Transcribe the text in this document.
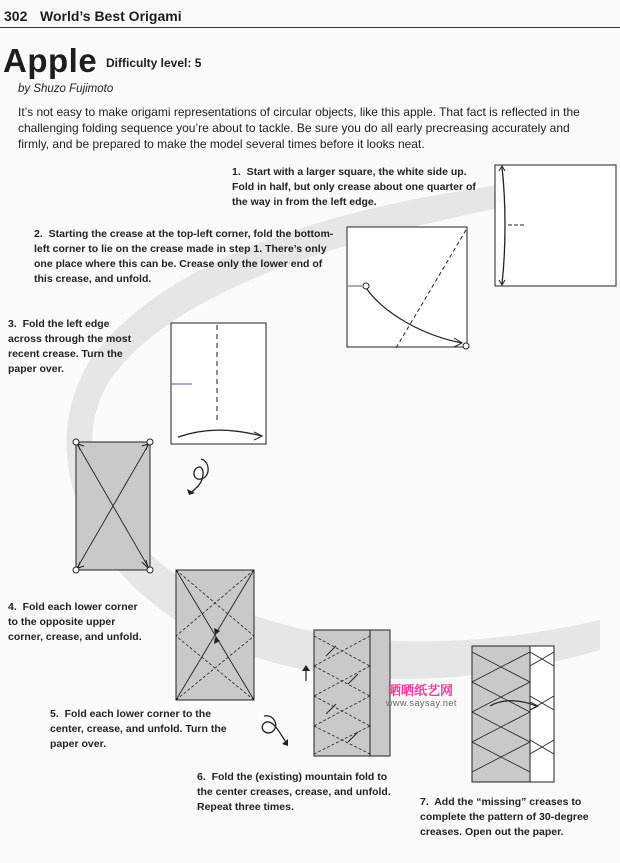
302 World’s Best Origami
Apple Difficulty level: 5
by Shuzo Fujimoto
It’s not easy to make origami representations of circular objects, like this apple. That fact is reflected in the challenging folding sequence you’re about to tackle. Be sure you do all early precreasing accurately and firmly, and be prepared to make the model several times before it looks neat.
1. Start with a larger square, the white side up. Fold in half, but only crease about one quarter of the way in from the left edge.
2. Starting the crease at the top-left corner, fold the bottom-left corner to lie on the crease made in step 1. There’s only one place where this can be. Crease only the lower end of this crease, and unfold.
3. Fold the left edge across through the most recent crease. Turn the paper over.
4. Fold each lower corner to the opposite upper corner, crease, and unfold.
5. Fold each lower corner to the center, crease, and unfold. Turn the paper over.
6. Fold the (existing) mountain fold to the center creases, crease, and unfold. Repeat three times.	7. Add the “missing” creases to complete the pattern of 30-degree creases. Open out the paper.
晒晒纸艺网
www.saysay.net
